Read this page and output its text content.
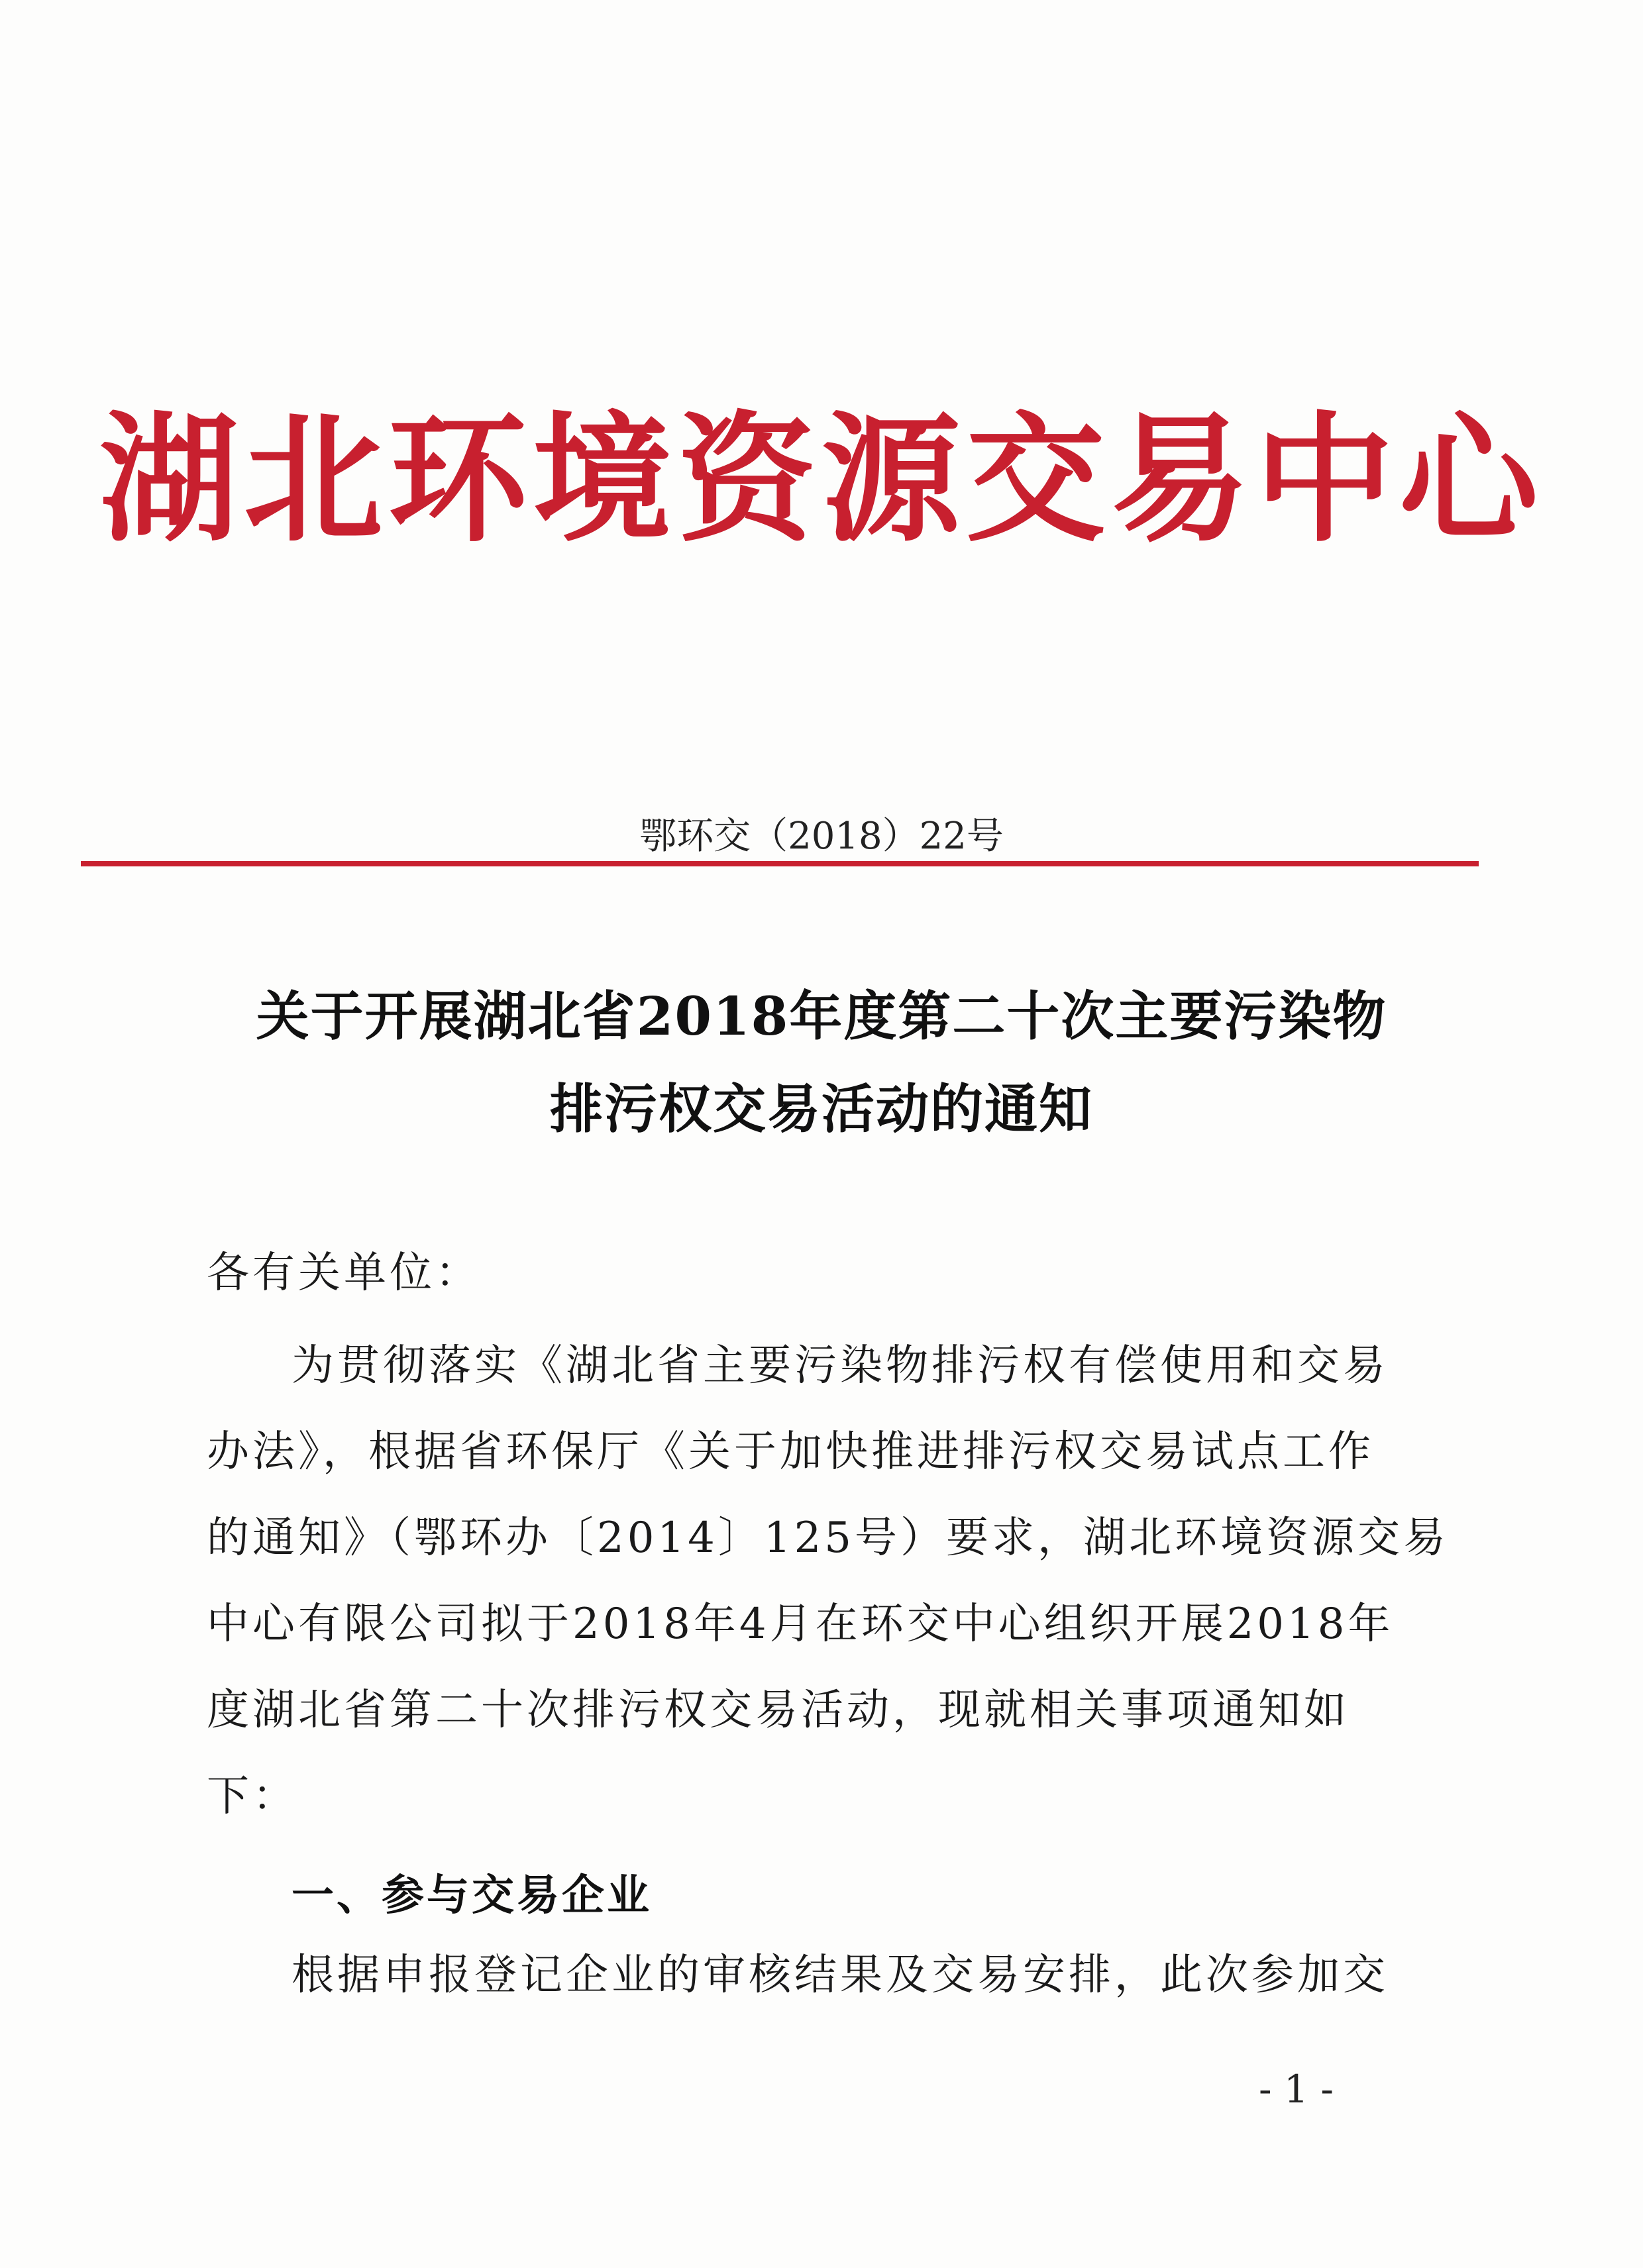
湖北环境资源交易中心
鄂环交（2018）22号
关于开展湖北省2018年度第二十次主要污染物
排污权交易活动的通知
各有关单位：
为贯彻落实《湖北省主要污染物排污权有偿使用和交易
办法》，根据省环保厅《关于加快推进排污权交易试点工作
的通知》（鄂环办〔2014〕125号）要求，湖北环境资源交易
中心有限公司拟于2018年4月在环交中心组织开展2018年
度湖北省第二十次排污权交易活动，现就相关事项通知如
下：
一、参与交易企业
根据申报登记企业的审核结果及交易安排，此次参加交
- 1 -
